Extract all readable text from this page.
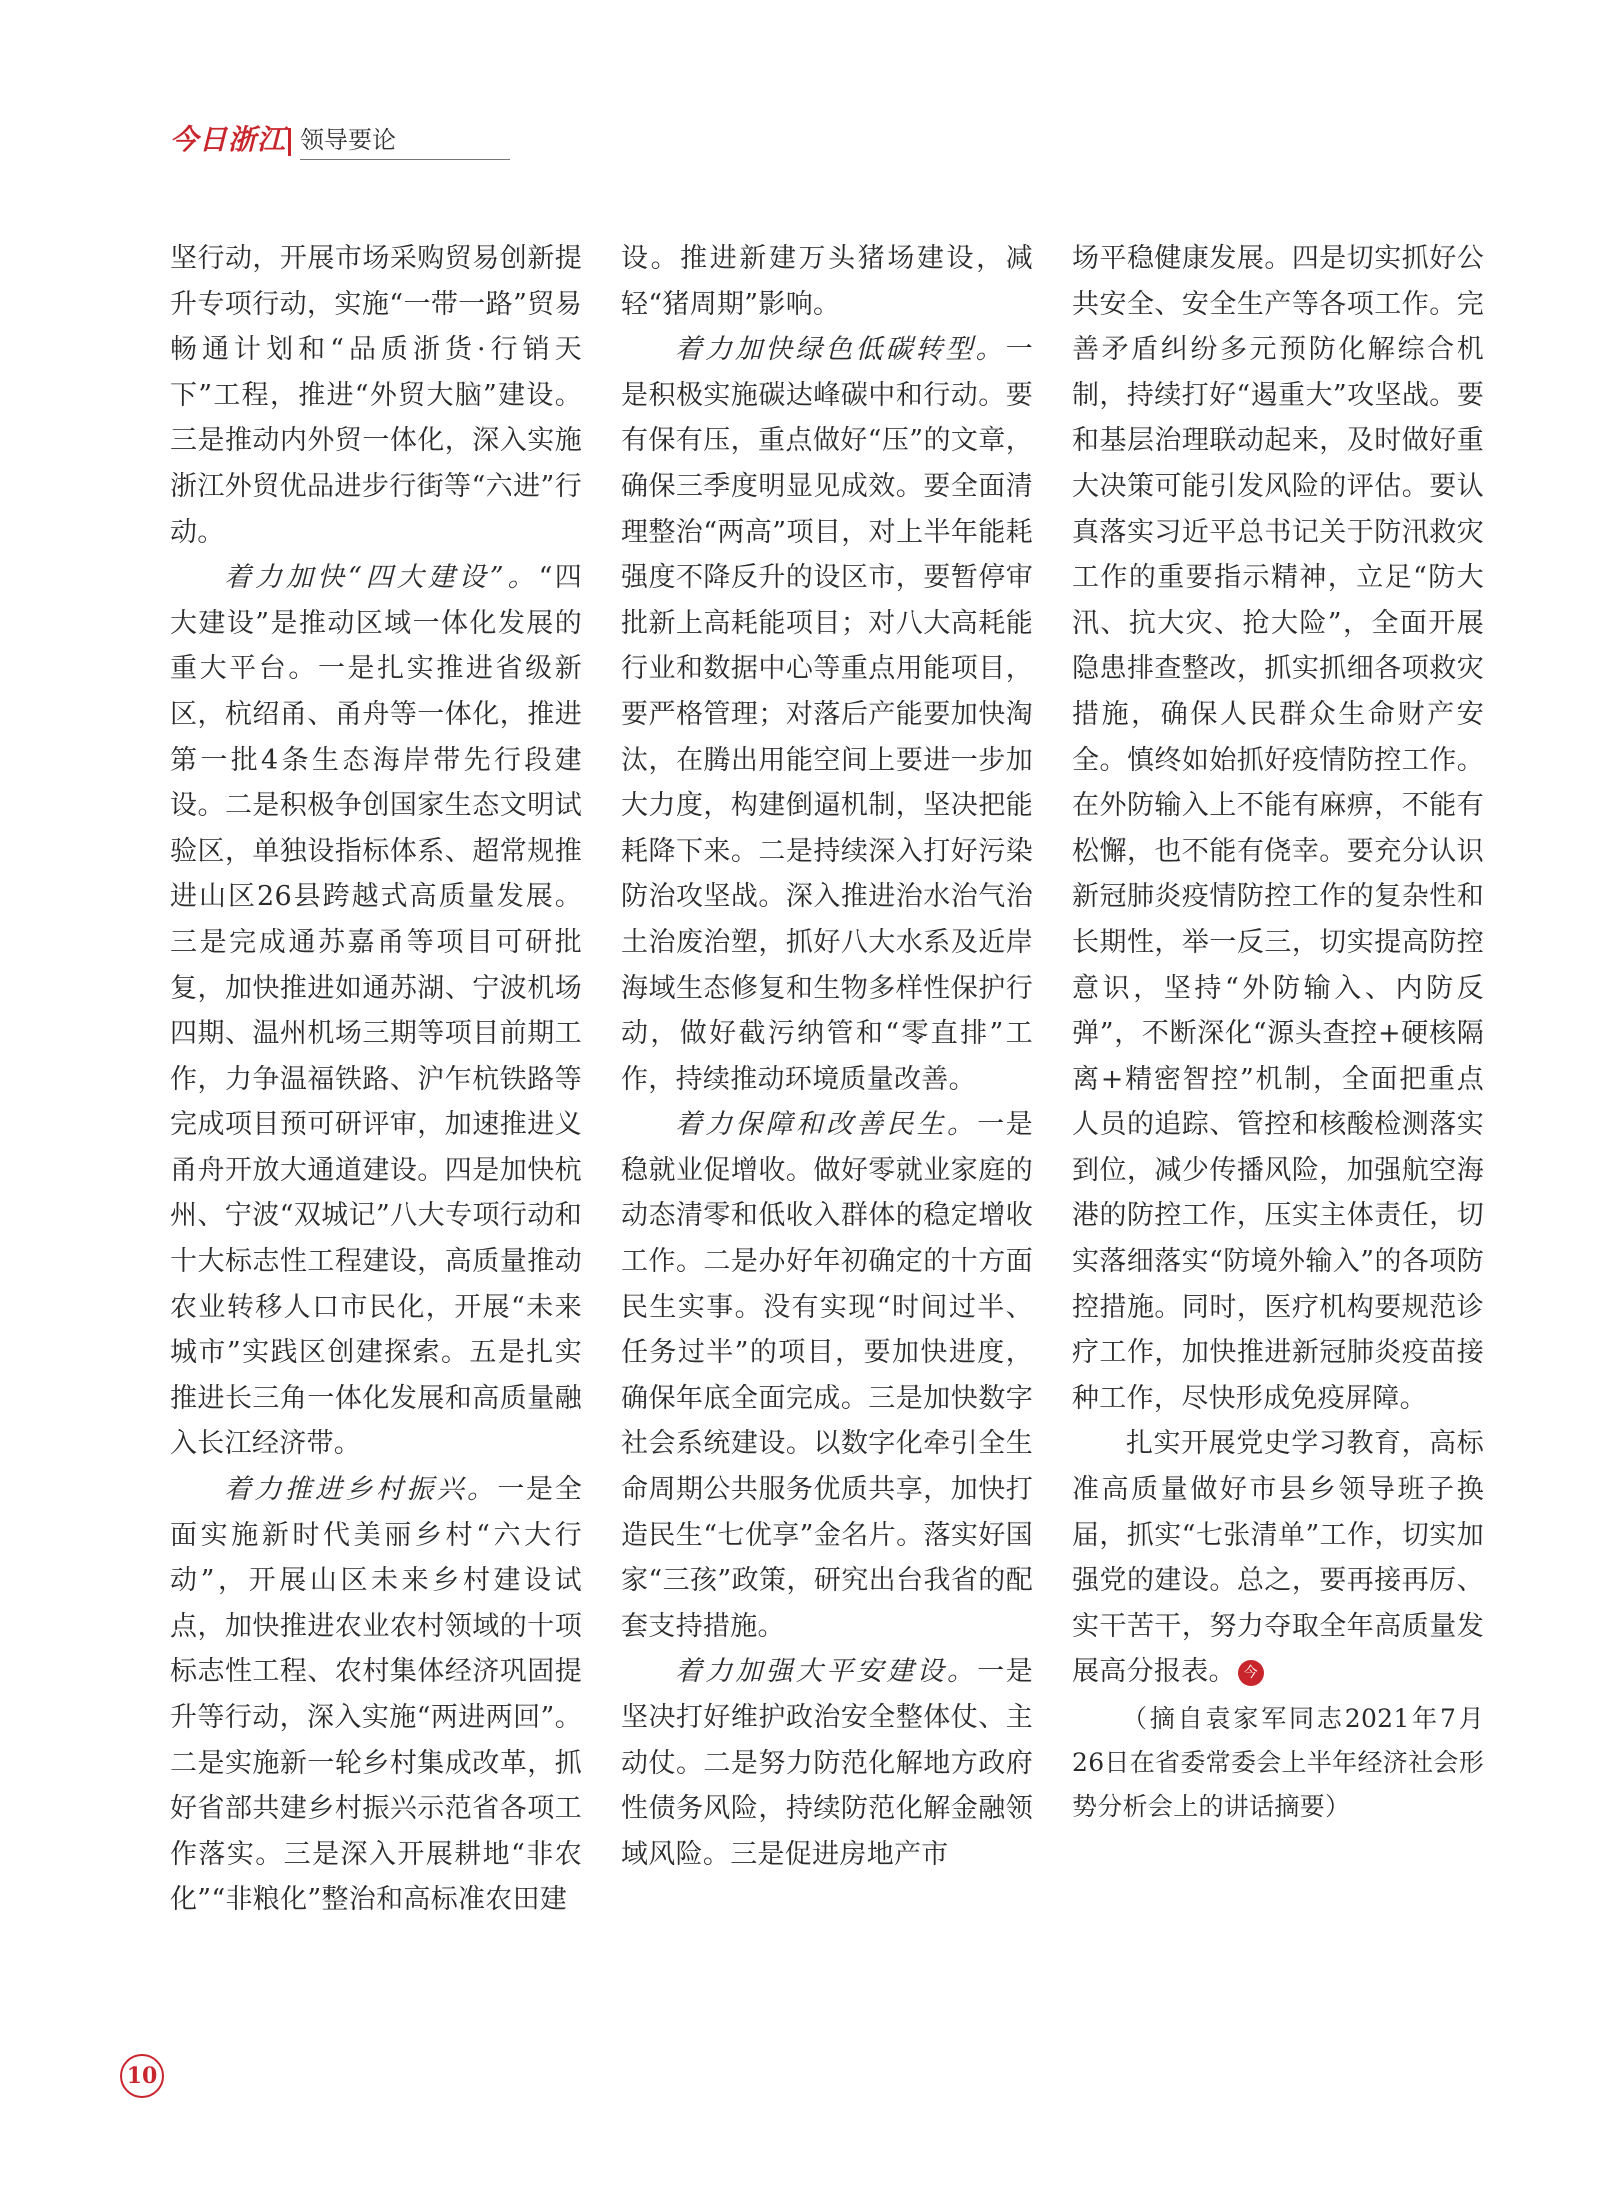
今日浙江 领导要论

坚行动，开展市场采购贸易创新提升专项行动，实施“一带一路”贸易畅通计划和“品质浙货·行销天下”工程，推进“外贸大脑”建设。三是推动内外贸一体化，深入实施浙江外贸优品进步行街等“六进”行动。

着力加快“四大建设”。“四大建设”是推动区域一体化发展的重大平台。一是扎实推进省级新区，杭绍甬、甬舟等一体化，推进第一批4条生态海岸带先行段建设。二是积极争创国家生态文明试验区，单独设指标体系、超常规推进山区26县跨越式高质量发展。三是完成通苏嘉甬等项目可研批复，加快推进如通苏湖、宁波机场四期、温州机场三期等项目前期工作，力争温福铁路、沪乍杭铁路等完成项目预可研评审，加速推进义甬舟开放大通道建设。四是加快杭州、宁波“双城记”八大专项行动和十大标志性工程建设，高质量推动农业转移人口市民化，开展“未来城市”实践区创建探索。五是扎实推进长三角一体化发展和高质量融入长江经济带。

着力推进乡村振兴。一是全面实施新时代美丽乡村“六大行动”，开展山区未来乡村建设试点，加快推进农业农村领域的十项标志性工程、农村集体经济巩固提升等行动，深入实施“两进两回”。二是实施新一轮乡村集成改革，抓好省部共建乡村振兴示范省各项工作落实。三是深入开展耕地“非农化”“非粮化”整治和高标准农田建

设。推进新建万头猪场建设，减轻“猪周期”影响。

着力加快绿色低碳转型。一是积极实施碳达峰碳中和行动。要有保有压，重点做好“压”的文章，确保三季度明显见成效。要全面清理整治“两高”项目，对上半年能耗强度不降反升的设区市，要暂停审批新上高耗能项目；对八大高耗能行业和数据中心等重点用能项目，要严格管理；对落后产能要加快淘汰，在腾出用能空间上要进一步加大力度，构建倒逼机制，坚决把能耗降下来。二是持续深入打好污染防治攻坚战。深入推进治水治气治土治废治塑，抓好八大水系及近岸海域生态修复和生物多样性保护行动，做好截污纳管和“零直排”工作，持续推动环境质量改善。

着力保障和改善民生。一是稳就业促增收。做好零就业家庭的动态清零和低收入群体的稳定增收工作。二是办好年初确定的十方面民生实事。没有实现“时间过半、任务过半”的项目，要加快进度，确保年底全面完成。三是加快数字社会系统建设。以数字化牵引全生命周期公共服务优质共享，加快打造民生“七优享”金名片。落实好国家“三孩”政策，研究出台我省的配套支持措施。

着力加强大平安建设。一是坚决打好维护政治安全整体仗、主动仗。二是努力防范化解地方政府性债务风险，持续防范化解金融领域风险。三是促进房地产市

场平稳健康发展。四是切实抓好公共安全、安全生产等各项工作。完善矛盾纠纷多元预防化解综合机制，持续打好“遏重大”攻坚战。要和基层治理联动起来，及时做好重大决策可能引发风险的评估。要认真落实习近平总书记关于防汛救灾工作的重要指示精神，立足“防大汛、抗大灾、抢大险”，全面开展隐患排查整改，抓实抓细各项救灾措施，确保人民群众生命财产安全。慎终如始抓好疫情防控工作。在外防输入上不能有麻痹，不能有松懈，也不能有侥幸。要充分认识新冠肺炎疫情防控工作的复杂性和长期性，举一反三，切实提高防控意识，坚持“外防输入、内防反弹”，不断深化“源头查控+硬核隔离+精密智控”机制，全面把重点人员的追踪、管控和核酸检测落实到位，减少传播风险，加强航空海港的防控工作，压实主体责任，切实落细落实“防境外输入”的各项防控措施。同时，医疗机构要规范诊疗工作，加快推进新冠肺炎疫苗接种工作，尽快形成免疫屏障。

扎实开展党史学习教育，高标准高质量做好市县乡领导班子换届，抓实“七张清单”工作，切实加强党的建设。总之，要再接再厉、实干苦干，努力夺取全年高质量发展高分报表。 今

（摘自袁家军同志2021年7月26日在省委常委会上半年经济社会形势分析会上的讲话摘要）

10
